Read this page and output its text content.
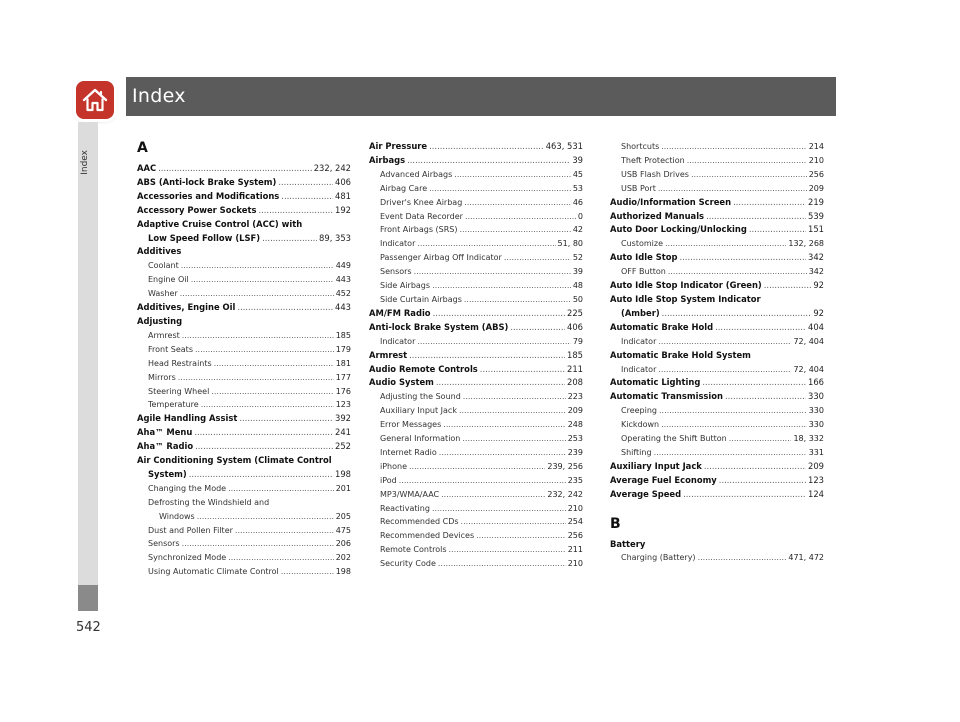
Index
Index
542
A
AAC .....	232, 242
ABS (Anti-lock Brake System) .....	406
Accessories and Modifications .....	481
Accessory Power Sockets .....	192
Adaptive Cruise Control (ACC) with
Low Speed Follow (LSF) .....	89, 353
Additives
Coolant .....	449
Engine Oil .....	443
Washer .....	452
Additives, Engine Oil .....	443
Adjusting
Armrest .....	185
Front Seats .....	179
Head Restraints .....	181
Mirrors .....	177
Steering Wheel .....	176
Temperature .....	123
Agile Handling Assist .....	392
Aha™ Menu .....	241
Aha™ Radio .....	252
Air Conditioning System (Climate Control
System) .....	198
Changing the Mode .....	201
Defrosting the Windshield and
Windows .....	205
Dust and Pollen Filter .....	475
Sensors .....	206
Synchronized Mode .....	202
Using Automatic Climate Control .....	198
Air Pressure .....	463, 531
Airbags .....	39
Advanced Airbags .....	45
Airbag Care .....	53
Driver's Knee Airbag .....	46
Event Data Recorder .....	0
Front Airbags (SRS) .....	42
Indicator .....	51, 80
Passenger Airbag Off Indicator .....	52
Sensors .....	39
Side Airbags .....	48
Side Curtain Airbags .....	50
AM/FM Radio .....	225
Anti-lock Brake System (ABS) .....	406
Indicator .....	79
Armrest .....	185
Audio Remote Controls .....	211
Audio System .....	208
Adjusting the Sound .....	223
Auxiliary Input Jack .....	209
Error Messages .....	248
General Information .....	253
Internet Radio .....	239
iPhone .....	239, 256
iPod .....	235
MP3/WMA/AAC .....	232, 242
Reactivating .....	210
Recommended CDs .....	254
Recommended Devices .....	256
Remote Controls .....	211
Security Code .....	210
Shortcuts .....	214
Theft Protection .....	210
USB Flash Drives .....	256
USB Port .....	209
Audio/Information Screen .....	219
Authorized Manuals .....	539
Auto Door Locking/Unlocking .....	151
Customize .....	132, 268
Auto Idle Stop .....	342
OFF Button .....	342
Auto Idle Stop Indicator (Green) .....	92
Auto Idle Stop System Indicator
(Amber) .....	92
Automatic Brake Hold .....	404
Indicator .....	72, 404
Automatic Brake Hold System
Indicator .....	72, 404
Automatic Lighting .....	166
Automatic Transmission .....	330
Creeping .....	330
Kickdown .....	330
Operating the Shift Button .....	18, 332
Shifting .....	331
Auxiliary Input Jack .....	209
Average Fuel Economy .....	123
Average Speed .....	124
B
Battery
Charging (Battery) .....	471, 472
